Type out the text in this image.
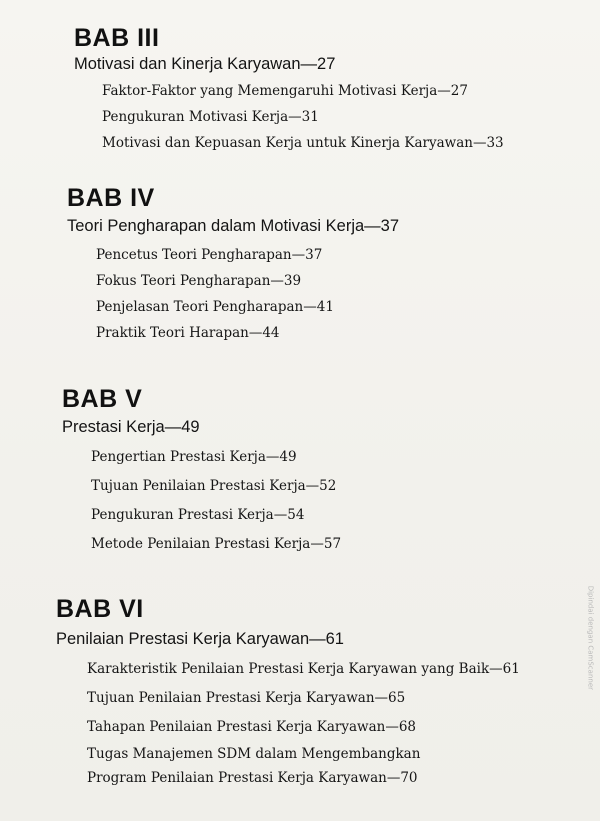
BAB III
Motivasi dan Kinerja Karyawan—27
Faktor-Faktor yang Memengaruhi Motivasi Kerja—27
Pengukuran Motivasi Kerja—31
Motivasi dan Kepuasan Kerja untuk Kinerja Karyawan—33
BAB IV
Teori Pengharapan dalam Motivasi Kerja—37
Pencetus Teori Pengharapan—37
Fokus Teori Pengharapan—39
Penjelasan Teori Pengharapan—41
Praktik Teori Harapan—44
BAB V
Prestasi Kerja—49
Pengertian Prestasi Kerja—49
Tujuan Penilaian Prestasi Kerja—52
Pengukuran Prestasi Kerja—54
Metode Penilaian Prestasi Kerja—57
BAB VI
Penilaian Prestasi Kerja Karyawan—61
Karakteristik Penilaian Prestasi Kerja Karyawan yang Baik—61
Tujuan Penilaian Prestasi Kerja Karyawan—65
Tahapan Penilaian Prestasi Kerja Karyawan—68
Tugas Manajemen SDM dalam Mengembangkan
Program Penilaian Prestasi Kerja Karyawan—70
Dipindai dengan CamScanner
